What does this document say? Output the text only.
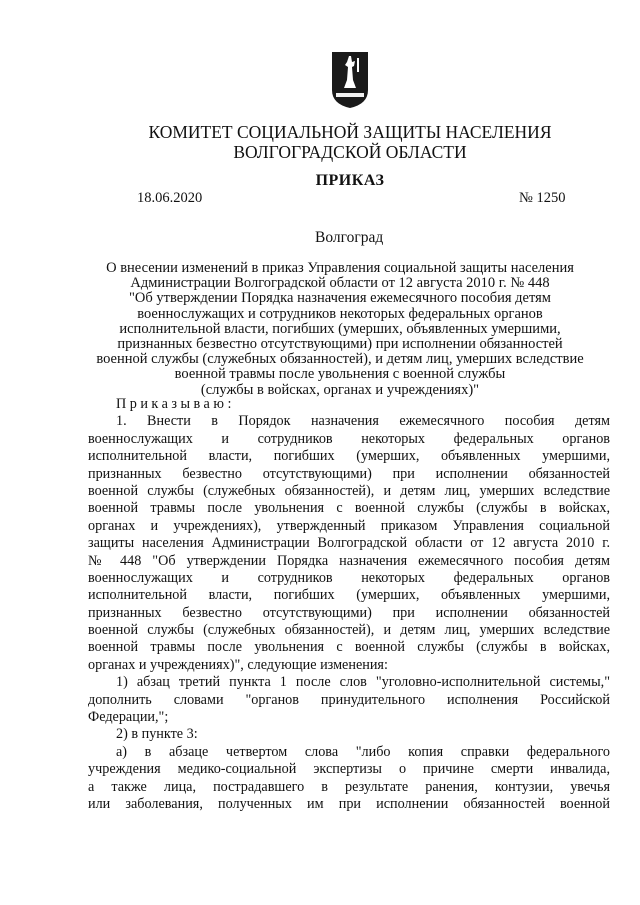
КОМИТЕТ СОЦИАЛЬНОЙ ЗАЩИТЫ НАСЕЛЕНИЯ
ВОЛГОГРАДСКОЙ ОБЛАСТИ
ПРИКАЗ
18.06.2020	№ 1250
Волгоград
О внесении изменений в приказ Управления социальной защиты населения
Администрации Волгоградской области от 12 августа 2010 г. № 448
"Об утверждении Порядка назначения ежемесячного пособия детям
военнослужащих и сотрудников некоторых федеральных органов
исполнительной власти, погибших (умерших, объявленных умершими,
признанных безвестно отсутствующими) при исполнении обязанностей
военной службы (служебных обязанностей), и детям лиц, умерших вследствие
военной травмы после увольнения с военной службы
(службы в войсках, органах и учреждениях)"
Приказываю:
1. Внести в Порядок назначения ежемесячного пособия детям
военнослужащих и сотрудников некоторых федеральных органов
исполнительной власти, погибших (умерших, объявленных умершими,
признанных безвестно отсутствующими) при исполнении обязанностей
военной службы (служебных обязанностей), и детям лиц, умерших вследствие
военной травмы после увольнения с военной службы (службы в войсках,
органах и учреждениях), утвержденный приказом Управления социальной
защиты населения Администрации Волгоградской области от 12 августа 2010 г.
№ 448 "Об утверждении Порядка назначения ежемесячного пособия детям
военнослужащих и сотрудников некоторых федеральных органов
исполнительной власти, погибших (умерших, объявленных умершими,
признанных безвестно отсутствующими) при исполнении обязанностей
военной службы (служебных обязанностей), и детям лиц, умерших вследствие
военной травмы после увольнения с военной службы (службы в войсках,
органах и учреждениях)", следующие изменения:
1) абзац третий пункта 1 после слов "уголовно-исполнительной системы,"
дополнить словами "органов принудительного исполнения Российской
Федерации,";
2) в пункте 3:
а) в абзаце четвертом слова "либо копия справки федерального
учреждения медико-социальной экспертизы о причине смерти инвалида,
а также лица, пострадавшего в результате ранения, контузии, увечья
или заболевания, полученных им при исполнении обязанностей военной
